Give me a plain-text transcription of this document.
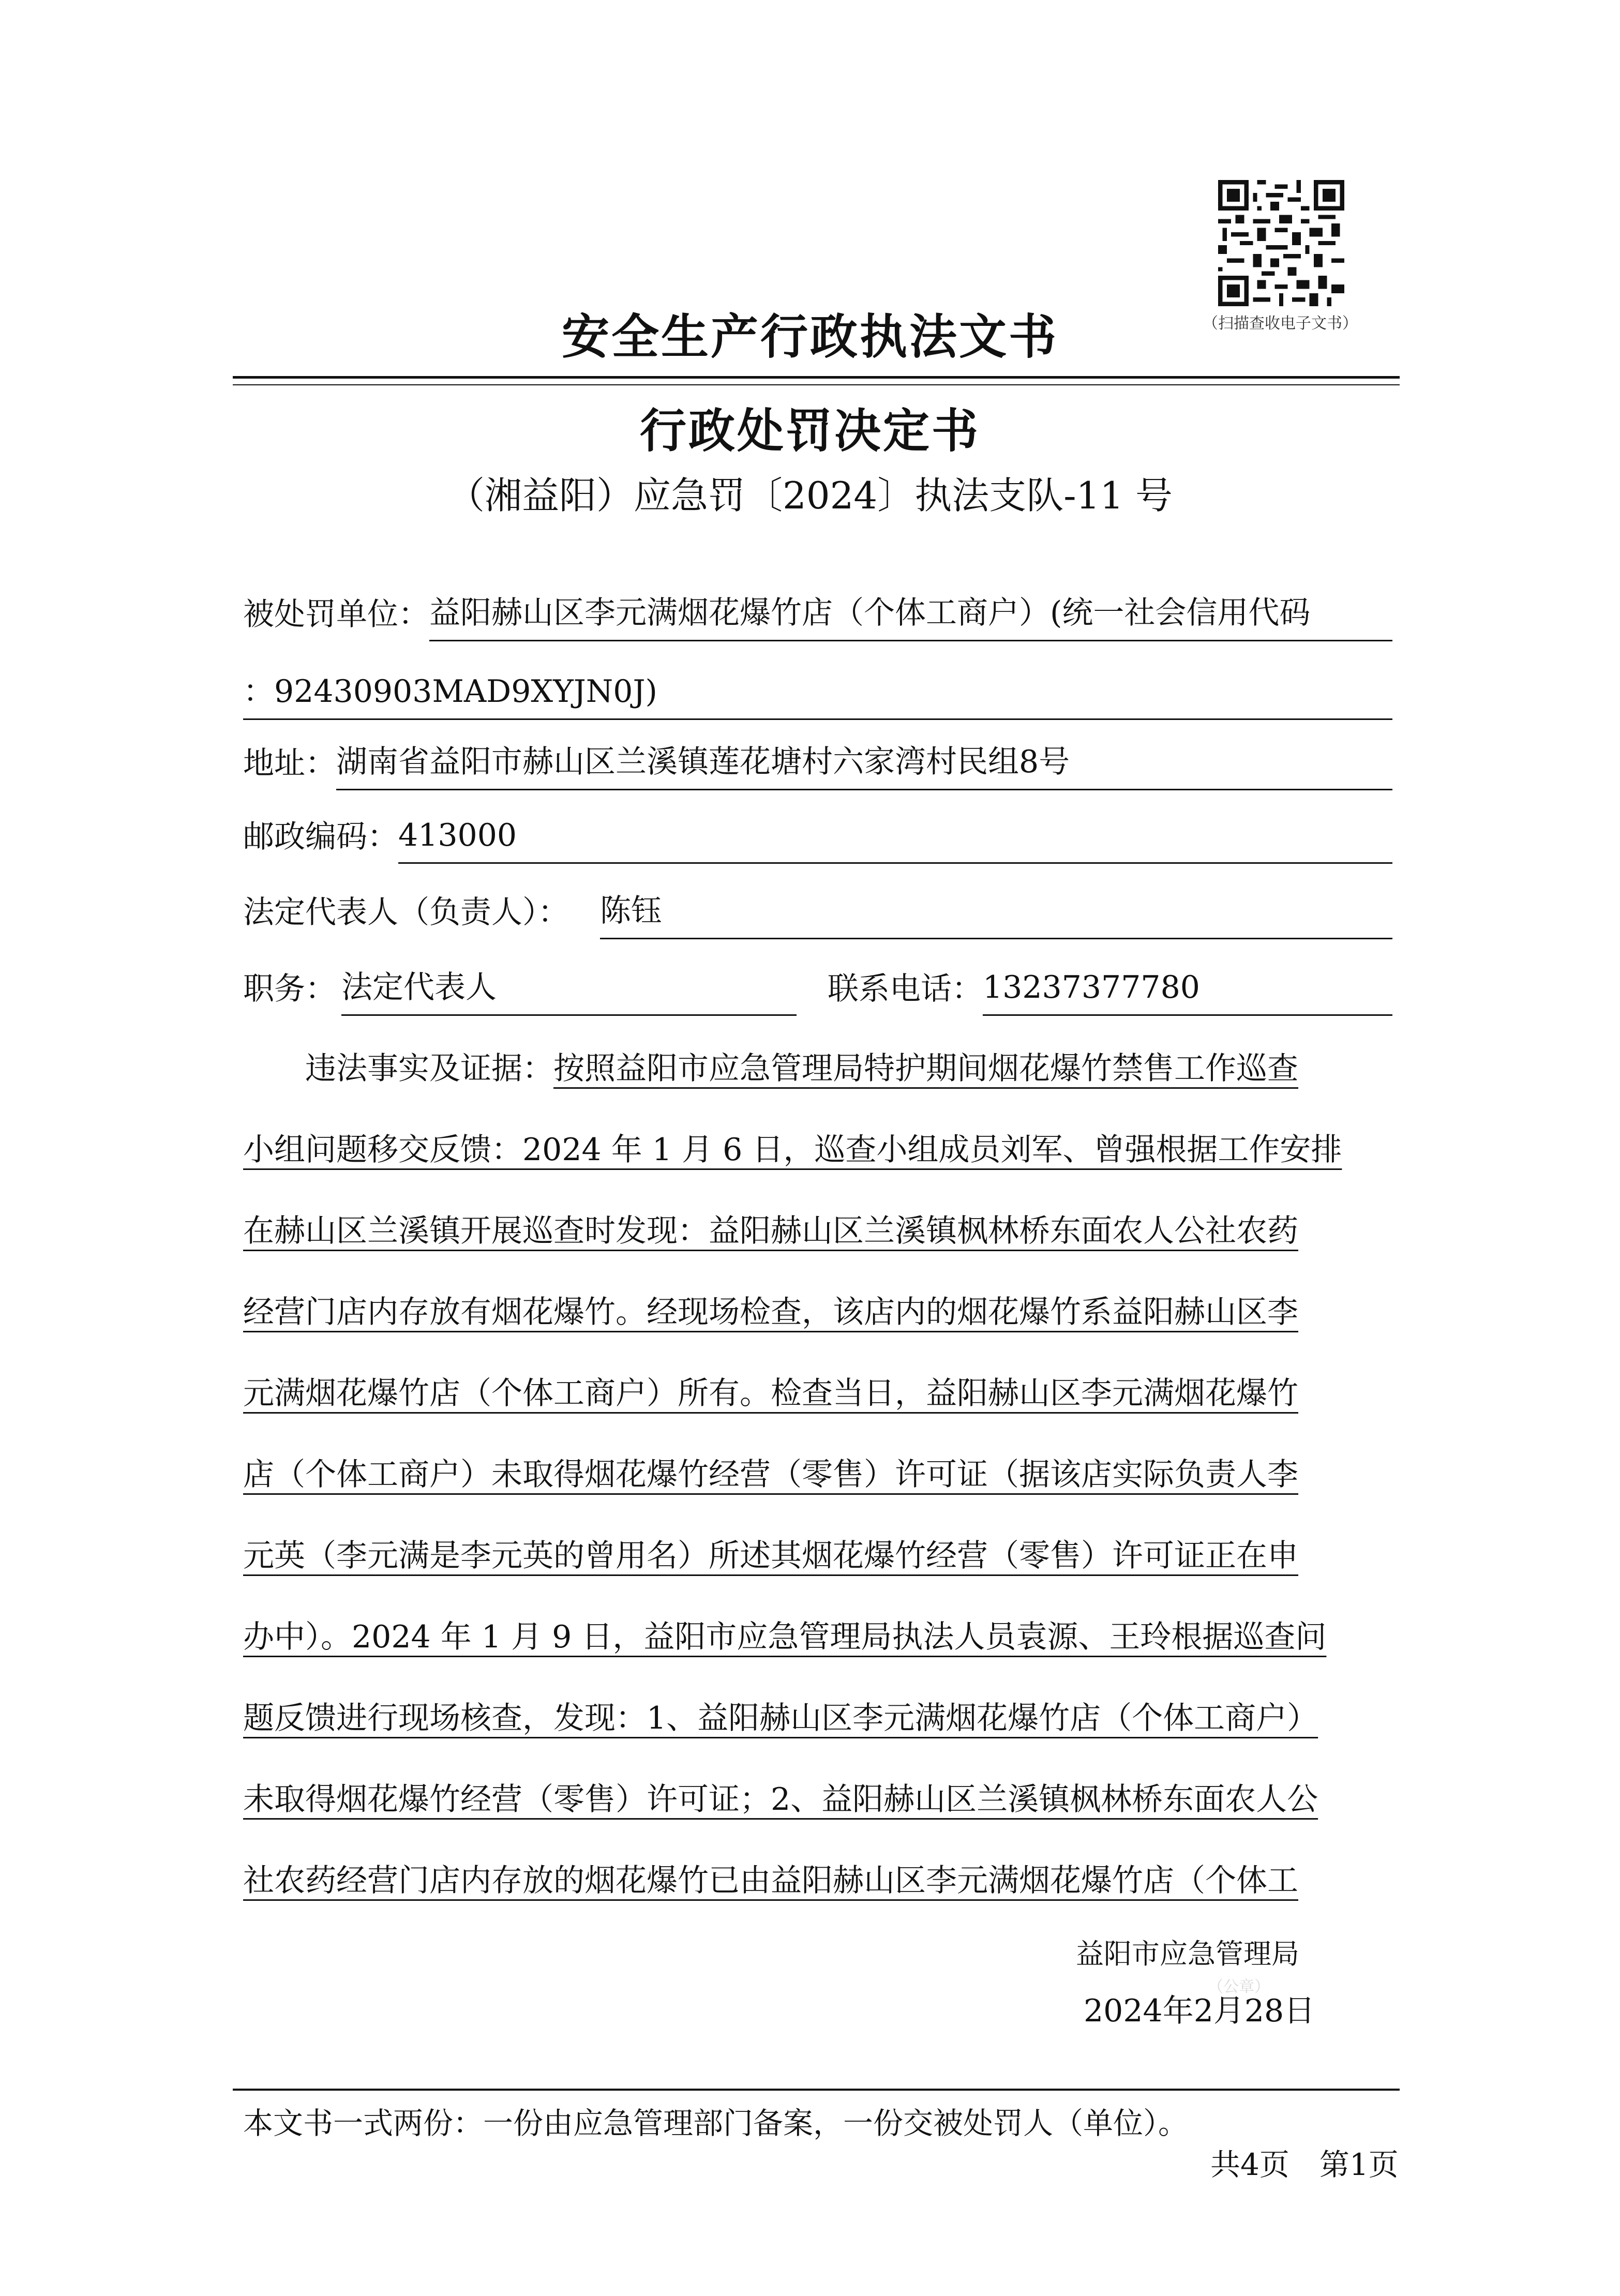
（扫描查收电子文书）
安全生产行政执法文书
行政处罚决定书
（湘益阳）应急罚〔2024〕执法支队-11 号
被处罚单位： 益阳赫山区李元满烟花爆竹店（个体工商户）(统一社会信用代码
：92430903MAD9XYJN0J)
地址： 湖南省益阳市赫山区兰溪镇莲花塘村六家湾村民组8号
邮政编码： 413000
法定代表人（负责人）： 陈钰
职务： 法定代表人	联系电话： 13237377780
违法事实及证据：按照益阳市应急管理局特护期间烟花爆竹禁售工作巡查
小组问题移交反馈：2024 年 1 月 6 日，巡查小组成员刘军、曾强根据工作安排
在赫山区兰溪镇开展巡查时发现：益阳赫山区兰溪镇枫林桥东面农人公社农药
经营门店内存放有烟花爆竹。经现场检查，该店内的烟花爆竹系益阳赫山区李
元满烟花爆竹店（个体工商户）所有。检查当日，益阳赫山区李元满烟花爆竹
店（个体工商户）未取得烟花爆竹经营（零售）许可证（据该店实际负责人李
元英（李元满是李元英的曾用名）所述其烟花爆竹经营（零售）许可证正在申
办中）。2024 年 1 月 9 日，益阳市应急管理局执法人员袁源、王玲根据巡查问
题反馈进行现场核查，发现：1、益阳赫山区李元满烟花爆竹店（个体工商户）
未取得烟花爆竹经营（零售）许可证；2、益阳赫山区兰溪镇枫林桥东面农人公
社农药经营门店内存放的烟花爆竹已由益阳赫山区李元满烟花爆竹店（个体工
益阳市应急管理局
（公章）
2024年2月28日
本文书一式两份：一份由应急管理部门备案，一份交被处罚人（单位）。
共4页　第1页
